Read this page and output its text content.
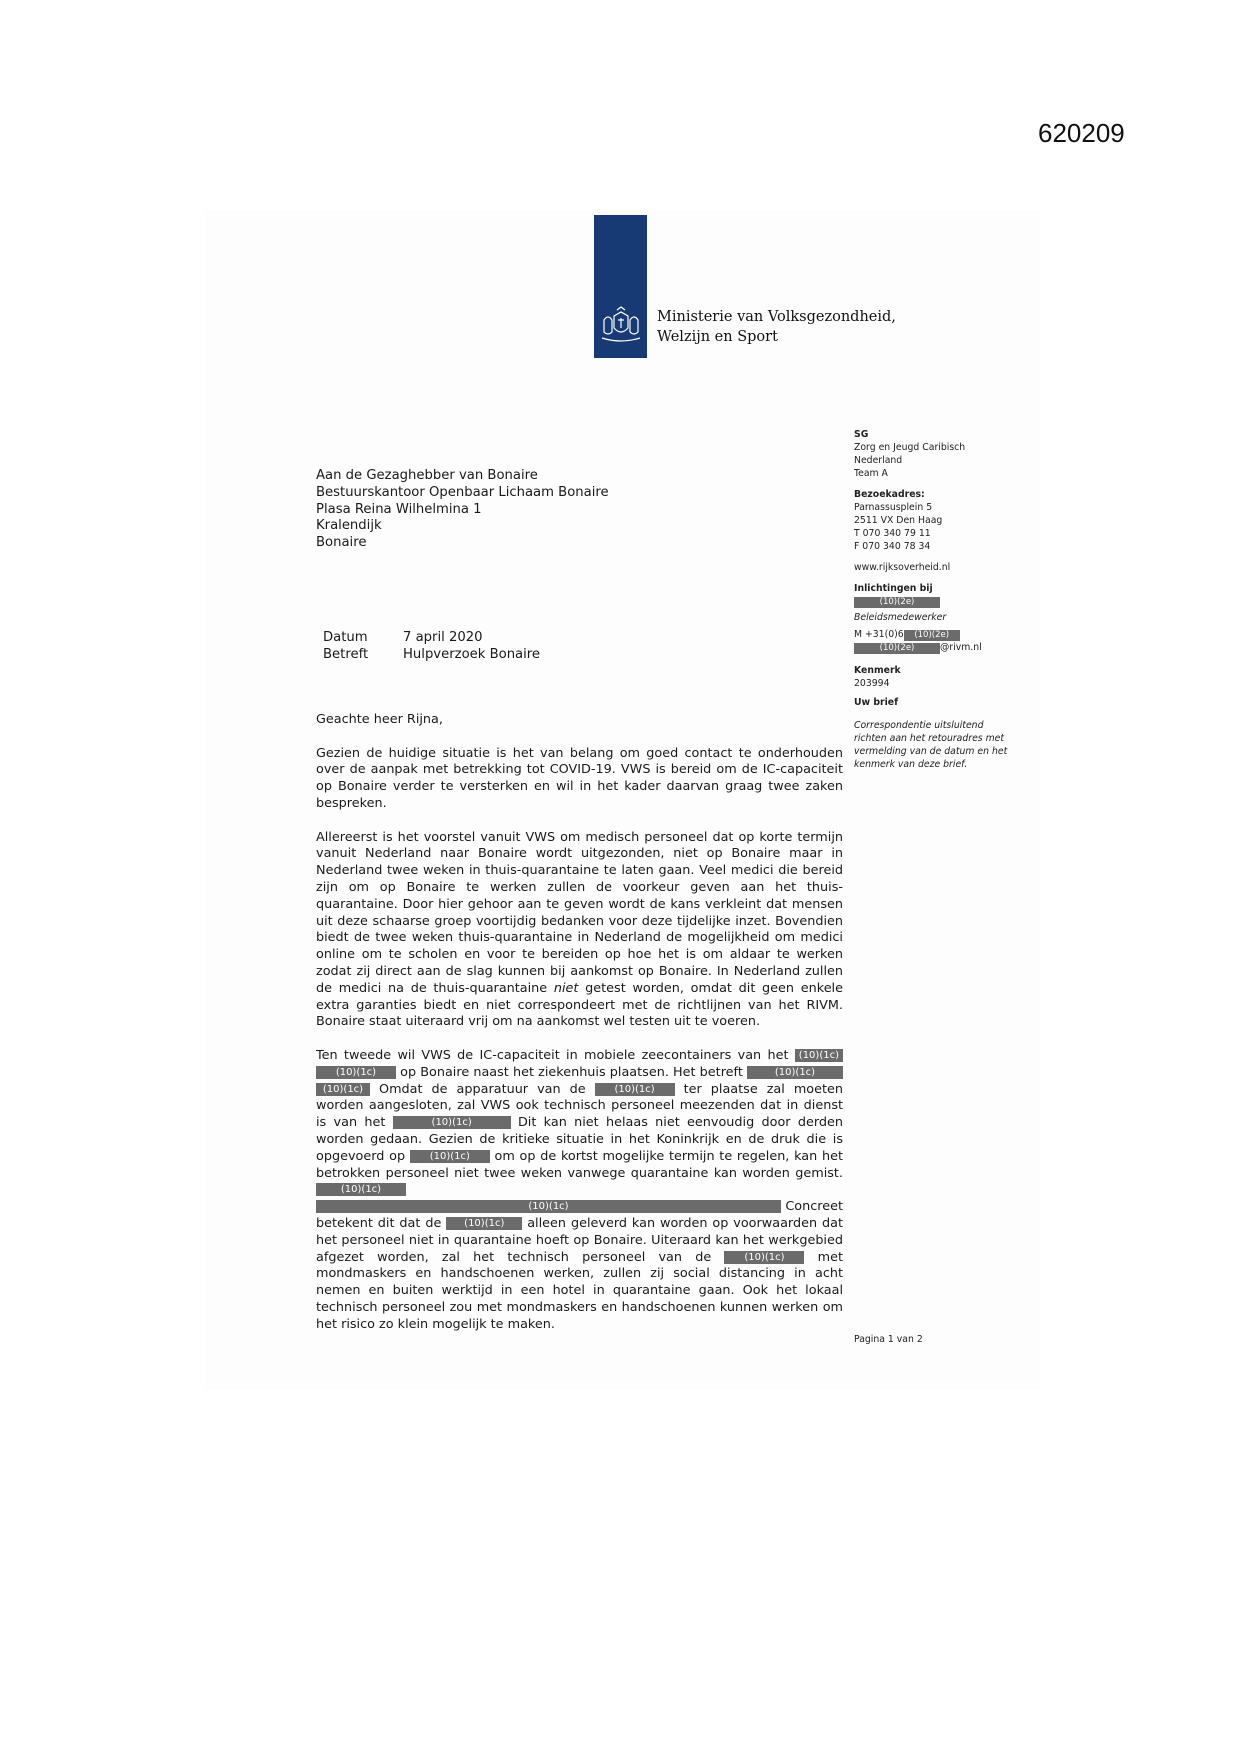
620209
Ministerie van Volksgezondheid,
Welzijn en Sport
Aan de Gezaghebber van Bonaire
Bestuurskantoor Openbaar Lichaam Bonaire
Plasa Reina Wilhelmina 1
Kralendijk
Bonaire
Datum	7 april 2020
Betreft	Hulpverzoek Bonaire

Geachte heer Rijna,

Gezien de huidige situatie is het van belang om goed contact te onderhouden over de aanpak met betrekking tot COVID-19. VWS is bereid om de IC-capaciteit op Bonaire verder te versterken en wil in het kader daarvan graag twee zaken bespreken.

Allereerst is het voorstel vanuit VWS om medisch personeel dat op korte termijn vanuit Nederland naar Bonaire wordt uitgezonden, niet op Bonaire maar in Nederland twee weken in thuis-quarantaine te laten gaan. Veel medici die bereid zijn om op Bonaire te werken zullen de voorkeur geven aan het thuis-quarantaine. Door hier gehoor aan te geven wordt de kans verkleint dat mensen uit deze schaarse groep voortijdig bedanken voor deze tijdelijke inzet. Bovendien biedt de twee weken thuis-quarantaine in Nederland de mogelijkheid om medici online om te scholen en voor te bereiden op hoe het is om aldaar te werken zodat zij direct aan de slag kunnen bij aankomst op Bonaire. In Nederland zullen de medici na de thuis-quarantaine niet getest worden, omdat dit geen enkele extra garanties biedt en niet correspondeert met de richtlijnen van het RIVM. Bonaire staat uiteraard vrij om na aankomst wel testen uit te voeren.

Ten tweede wil VWS de IC-capaciteit in mobiele zeecontainers van het (10)(1c) (10)(1c) op Bonaire naast het ziekenhuis plaatsen. Het betreft	(10)(1c) (10)(1c) Omdat de apparatuur van de (10)(1c) ter plaatse zal moeten worden aangesloten, zal VWS ook technisch personeel meezenden dat in dienst is van het	(10)(1c)	Dit kan niet helaas niet eenvoudig door derden worden gedaan. Gezien de kritieke situatie in het Koninkrijk en de druk die is opgevoerd op (10)(1c) om op de kortst mogelijke termijn te regelen, kan het betrokken personeel niet twee weken vanwege quarantaine kan worden gemist. (10)(1c) (10)(1c)	Concreet betekent dit dat de (10)(1c) alleen geleverd kan worden op voorwaarden dat het personeel niet in quarantaine hoeft op Bonaire. Uiteraard kan het werkgebied afgezet worden, zal het technisch personeel van de (10)(1c) met mondmaskers en handschoenen werken, zullen zij social distancing in acht nemen en buiten werktijd in een hotel in quarantaine gaan. Ook het lokaal technisch personeel zou met mondmaskers en handschoenen kunnen werken om het risico zo klein mogelijk te maken.

SG
Zorg en Jeugd Caribisch
Nederland
Team A
Bezoekadres:
Parnassusplein 5
2511 VX Den Haag
T 070 340 79 11
F 070 340 78 34
www.rijksoverheid.nl
Inlichtingen bij
(10)(2e)
Beleidsmedewerker
M +31(0)6 (10)(2e)
(10)(2e)	@rivm.nl
Kenmerk
203994
Uw brief
Correspondentie uitsluitend richten aan het retouradres met vermelding van de datum en het kenmerk van deze brief.
Pagina 1 van 2
